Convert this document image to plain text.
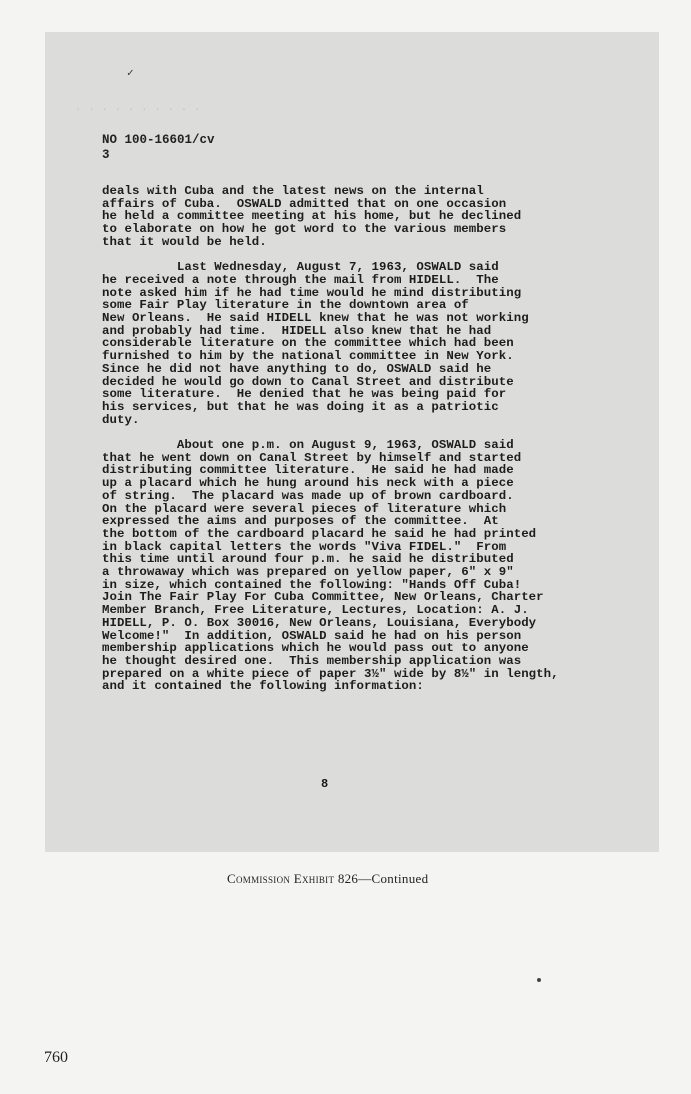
· · · · · · · · · ·
✓
NO 100-16601/cv
3
deals with Cuba and the latest news on the internal
affairs of Cuba.  OSWALD admitted that on one occasion
he held a committee meeting at his home, but he declined
to elaborate on how he got word to the various members
that it would be held.
Last Wednesday, August 7, 1963, OSWALD said
he received a note through the mail from HIDELL.  The
note asked him if he had time would he mind distributing
some Fair Play literature in the downtown area of
New Orleans.  He said HIDELL knew that he was not working
and probably had time.  HIDELL also knew that he had
considerable literature on the committee which had been
furnished to him by the national committee in New York.
Since he did not have anything to do, OSWALD said he
decided he would go down to Canal Street and distribute
some literature.  He denied that he was being paid for
his services, but that he was doing it as a patriotic
duty.
About one p.m. on August 9, 1963, OSWALD said
that he went down on Canal Street by himself and started
distributing committee literature.  He said he had made
up a placard which he hung around his neck with a piece
of string.  The placard was made up of brown cardboard.
On the placard were several pieces of literature which
expressed the aims and purposes of the committee.  At
the bottom of the cardboard placard he said he had printed
in black capital letters the words "Viva FIDEL."  From
this time until around four p.m. he said he distributed
a throwaway which was prepared on yellow paper, 6" x 9"
in size, which contained the following: "Hands Off Cuba!
Join The Fair Play For Cuba Committee, New Orleans, Charter
Member Branch, Free Literature, Lectures, Location: A. J.
HIDELL, P. O. Box 30016, New Orleans, Louisiana, Everybody
Welcome!"  In addition, OSWALD said he had on his person
membership applications which he would pass out to anyone
he thought desired one.  This membership application was
prepared on a white piece of paper 3½" wide by 8½" in length,
and it contained the following information:
8
Commission Exhibit 826—Continued
760
